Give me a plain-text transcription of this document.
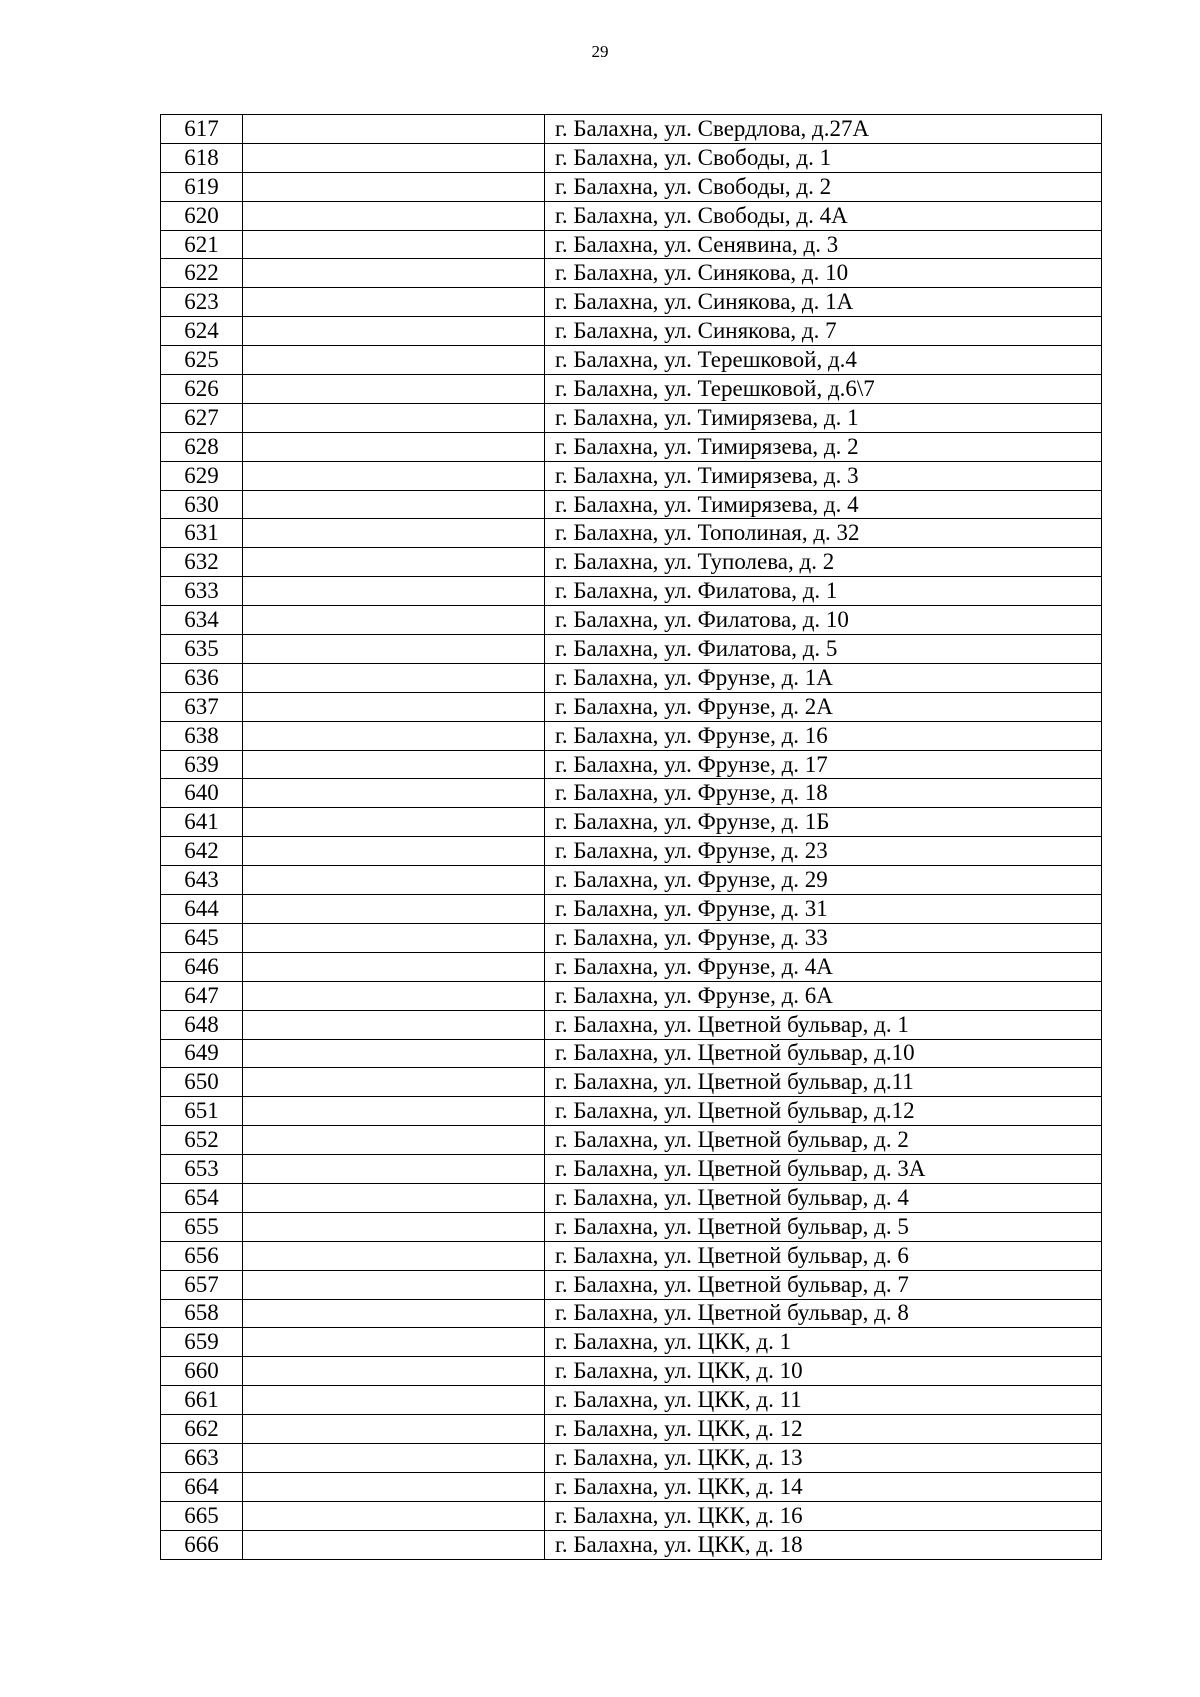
29
617		г. Балахна, ул. Свердлова, д.27А
618		г. Балахна, ул. Свободы, д. 1
619		г. Балахна, ул. Свободы, д. 2
620		г. Балахна, ул. Свободы, д. 4А
621		г. Балахна, ул. Сенявина, д. 3
622		г. Балахна, ул. Синякова, д. 10
623		г. Балахна, ул. Синякова, д. 1А
624		г. Балахна, ул. Синякова, д. 7
625		г. Балахна, ул. Терешковой, д.4
626		г. Балахна, ул. Терешковой, д.6\7
627		г. Балахна, ул. Тимирязева, д. 1
628		г. Балахна, ул. Тимирязева, д. 2
629		г. Балахна, ул. Тимирязева, д. 3
630		г. Балахна, ул. Тимирязева, д. 4
631		г. Балахна, ул. Тополиная, д. 32
632		г. Балахна, ул. Туполева, д. 2
633		г. Балахна, ул. Филатова, д. 1
634		г. Балахна, ул. Филатова, д. 10
635		г. Балахна, ул. Филатова, д. 5
636		г. Балахна, ул. Фрунзе, д. 1А
637		г. Балахна, ул. Фрунзе, д. 2А
638		г. Балахна, ул. Фрунзе, д. 16
639		г. Балахна, ул. Фрунзе, д. 17
640		г. Балахна, ул. Фрунзе, д. 18
641		г. Балахна, ул. Фрунзе, д. 1Б
642		г. Балахна, ул. Фрунзе, д. 23
643		г. Балахна, ул. Фрунзе, д. 29
644		г. Балахна, ул. Фрунзе, д. 31
645		г. Балахна, ул. Фрунзе, д. 33
646		г. Балахна, ул. Фрунзе, д. 4А
647		г. Балахна, ул. Фрунзе, д. 6А
648		г. Балахна, ул. Цветной бульвар, д. 1
649		г. Балахна, ул. Цветной бульвар, д.10
650		г. Балахна, ул. Цветной бульвар, д.11
651		г. Балахна, ул. Цветной бульвар, д.12
652		г. Балахна, ул. Цветной бульвар, д. 2
653		г. Балахна, ул. Цветной бульвар, д. 3А
654		г. Балахна, ул. Цветной бульвар, д. 4
655		г. Балахна, ул. Цветной бульвар, д. 5
656		г. Балахна, ул. Цветной бульвар, д. 6
657		г. Балахна, ул. Цветной бульвар, д. 7
658		г. Балахна, ул. Цветной бульвар, д. 8
659		г. Балахна, ул. ЦКК, д. 1
660		г. Балахна, ул. ЦКК, д. 10
661		г. Балахна, ул. ЦКК, д. 11
662		г. Балахна, ул. ЦКК, д. 12
663		г. Балахна, ул. ЦКК, д. 13
664		г. Балахна, ул. ЦКК, д. 14
665		г. Балахна, ул. ЦКК, д. 16
666		г. Балахна, ул. ЦКК, д. 18
